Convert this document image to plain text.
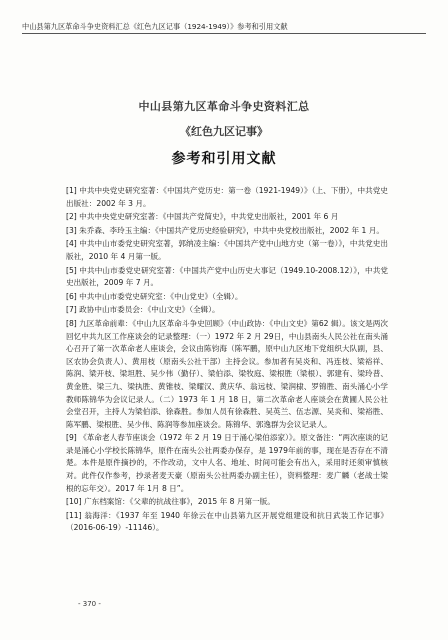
中山县第九区革命斗争史资料汇总《红色九区记事（1924-1949）》参考和引用文献
中山县第九区革命斗争史资料汇总
《红色九区记事》
参考和引用文献

[1] 中共中央党史研究室著：《中国共产党历史：第一卷（1921-1949）》（上、下册），中共党史出版社：2002 年 3 月。

[2] 中共中央党史研究室著：《中国共产党简史》，中共党史出版社，2001 年 6 月

[3] 朱乔森、李玲玉主编：《中国共产党历史经验研究》，中共中央党校出版社，2002 年 1 月。

[4] 中共中山市委党史研究室著，郭纳凌主编：《中国共产党中山地方史（第一卷）》，中共党史出版社，2010 年 4 月第一版。

[5] 中共中山市委党史研究室著：《中国共产党中山历史大事记（1949.10-2008.12）》，中共党史出版社，2009 年 7 月。

[6] 中共中山市委党史研究室：《中山党史》（全辑）。

[7] 政协中山市委员会：《中山文史》（全辑）。

[8] 九区革命前辈：《中山九区革命斗争史回顾》（中山政协：《中山文史》第62 辑）。该文是两次回忆中共九区工作座谈会的记录整理：（一）1972 年 2 月 29日，中山县南头人民公社在南头涌心召开了第一次革命老人座谈会，会议由陈钧海（陈军鹏，原中山九区地下党组织大队副，县、区农协会负责人）、黄用枝（原南头公社干部）主持会议。参加者有吴炎和、冯连枝、梁裕祥、陈润、梁开枝、梁坦胜、吴少伟（勤仔）、梁伯添、梁牧庭、梁根胜（梁根）、郭建有、梁玲普、黄金胜、梁三九、梁执胜、黄锥枝、梁耀汉、黄庆华、翁远枝、梁润棣、罗锦胜、南头涌心小学教师陈锦华为会议记录人。（二）1973 年 1 月 18 日，第二次革命老人座谈会在黄圃人民公社会堂召开，主持人为梁伯添、徐森胜。参加人员有徐森胜、吴英兰、伍志源、吴炎和、梁裕胜、陈军鹏、梁根胜、吴少伟、陈润等参加座谈会。陈锦华、郭逸群为会议记录人。

[9] 《革命老人春节座谈会（1972 年 2 月 19 日于涌心梁伯添家）》。原文备注：“两次座谈的记录是涌心小学校长陈锦华，原件在南头公社两委办保存，是 1979年前的事，现在是否存在不清楚。本件是原件摘抄的，不作改动，文中人名、地址、时间可能会有出入，采用时还须审慎核对。此件仅作参考，抄录者麦天豪（原南头公社两委办副主任），资料整理：麦广麟（老战士梁根的忘年交）。2017 年 1月 8 日”。

[10] 广东档案馆：《父辈的抗战往事》，2015 年 8 月第一版。

[11] 翁海洋：《1937 年至 1940 年徐云在中山县第九区开展党组建设和抗日武装工作记事》（2016-06-19）-11146）。

- 370 -
